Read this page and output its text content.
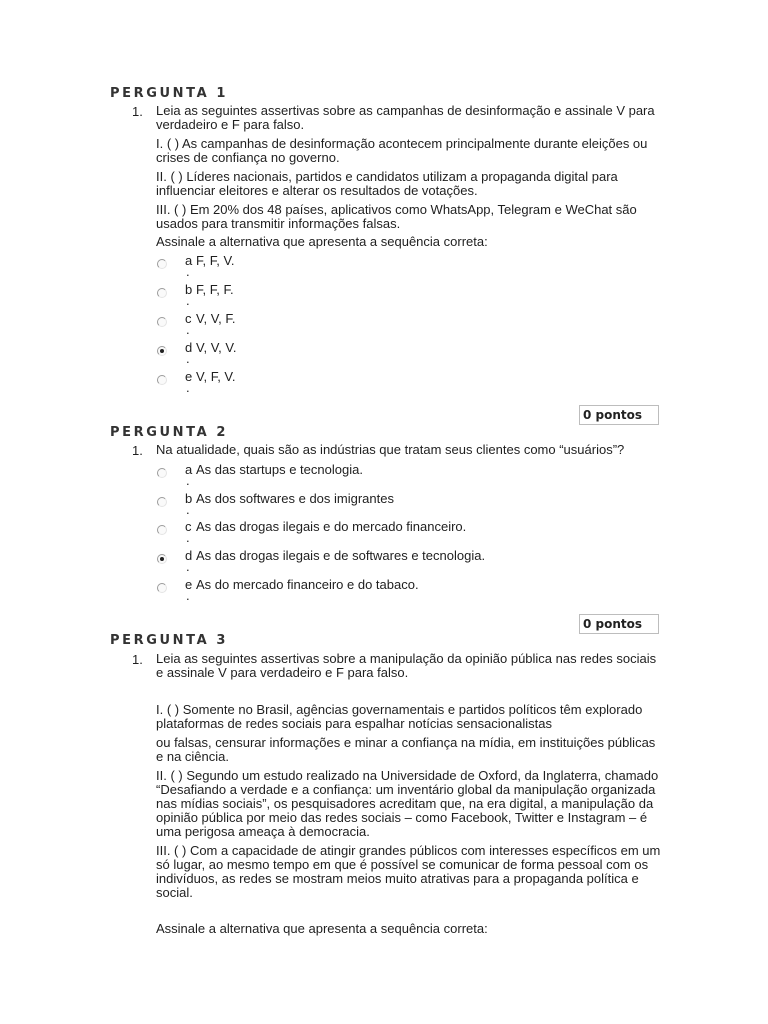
PERGUNTA 1
1. Leia as seguintes assertivas sobre as campanhas de desinformação e assinale V para verdadeiro e F para falso.
I. ( ) As campanhas de desinformação acontecem principalmente durante eleições ou crises de confiança no governo.
II. ( ) Líderes nacionais, partidos e candidatos utilizam a propaganda digital para influenciar eleitores e alterar os resultados de votações.
III. ( ) Em 20% dos 48 países, aplicativos como WhatsApp, Telegram e WeChat são usados para transmitir informações falsas.
Assinale a alternativa que apresenta a sequência correta:
a
.
F, F, V.
b
.
F, F, F.
c
.
V, V, F.
d
.
V, V, V.
e
.
V, F, V.
0 pontos
PERGUNTA 2
1. Na atualidade, quais são as indústrias que tratam seus clientes como “usuários”?
a
.
As das startups e tecnologia.
b
.
As dos softwares e dos imigrantes
c
.
As das drogas ilegais e do mercado financeiro.
d
.
As das drogas ilegais e de softwares e tecnologia.
e
.
As do mercado financeiro e do tabaco.
0 pontos
PERGUNTA 3
1. Leia as seguintes assertivas sobre a manipulação da opinião pública nas redes sociais e assinale V para verdadeiro e F para falso.
I. ( ) Somente no Brasil, agências governamentais e partidos políticos têm explorado plataformas de redes sociais para espalhar notícias sensacionalistas
ou falsas, censurar informações e minar a confiança na mídia, em instituições públicas e na ciência.
II. ( ) Segundo um estudo realizado na Universidade de Oxford, da Inglaterra, chamado “Desafiando a verdade e a confiança: um inventário global da manipulação organizada nas mídias sociais”, os pesquisadores acreditam que, na era digital, a manipulação da opinião pública por meio das redes sociais – como Facebook, Twitter e Instagram – é uma perigosa ameaça à democracia.
III. ( ) Com a capacidade de atingir grandes públicos com interesses específicos em um só lugar, ao mesmo tempo em que é possível se comunicar de forma pessoal com os indivíduos, as redes se mostram meios muito atrativas para a propaganda política e social.
Assinale a alternativa que apresenta a sequência correta:
